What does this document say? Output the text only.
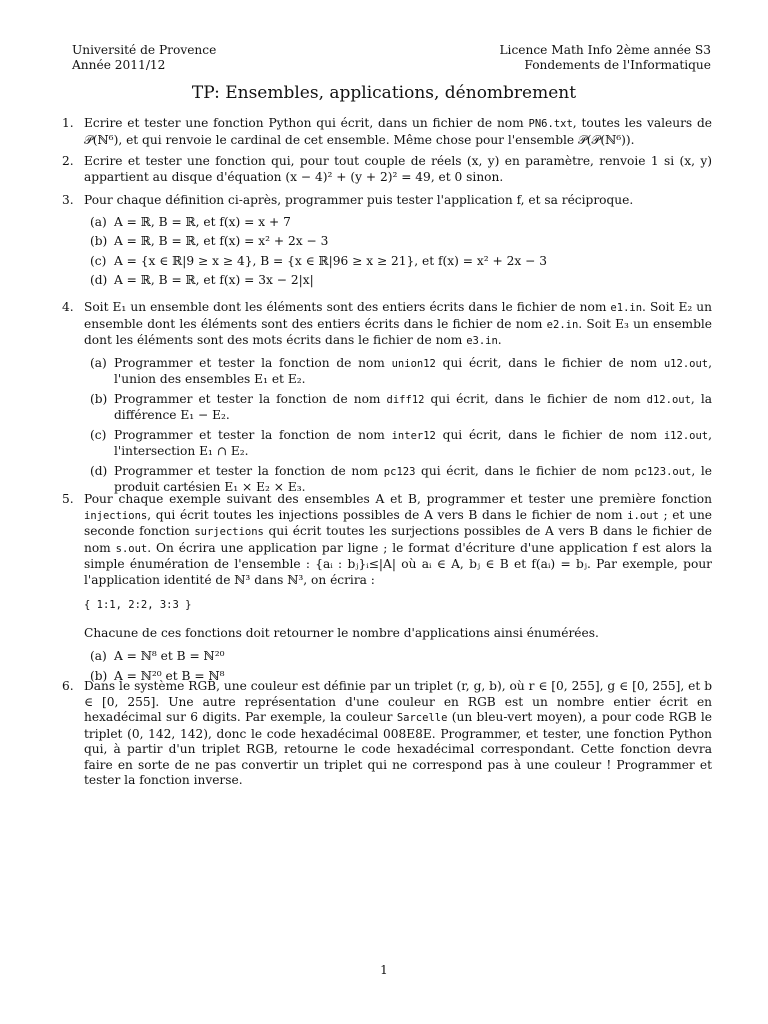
Université de Provence
Année 2011/12
Licence Math Info 2ème année S3
Fondements de l'Informatique
TP: Ensembles, applications, dénombrement
1. Ecrire et tester une fonction Python qui écrit, dans un fichier de nom PN6.txt, toutes les valeurs de 𝒫(ℕ⁶), et qui renvoie le cardinal de cet ensemble. Même chose pour l'ensemble 𝒫(𝒫(ℕ⁶)).
2. Ecrire et tester une fonction qui, pour tout couple de réels (x, y) en paramètre, renvoie 1 si (x, y) appartient au disque d'équation (x − 4)² + (y + 2)² = 49, et 0 sinon.
3. Pour chaque définition ci-après, programmer puis tester l'application f, et sa réciproque.
(a) A = ℝ, B = ℝ, et f(x) = x + 7
(b) A = ℝ, B = ℝ, et f(x) = x² + 2x − 3
(c) A = {x ∈ ℝ|9 ≥ x ≥ 4}, B = {x ∈ ℝ|96 ≥ x ≥ 21}, et f(x) = x² + 2x − 3
(d) A = ℝ, B = ℝ, et f(x) = 3x − 2|x|
4. Soit E₁ un ensemble dont les éléments sont des entiers écrits dans le fichier de nom e1.in. Soit E₂ un ensemble dont les éléments sont des entiers écrits dans le fichier de nom e2.in. Soit E₃ un ensemble dont les éléments sont des mots écrits dans le fichier de nom e3.in.
(a) Programmer et tester la fonction de nom union12 qui écrit, dans le fichier de nom u12.out, l'union des ensembles E₁ et E₂.
(b) Programmer et tester la fonction de nom diff12 qui écrit, dans le fichier de nom d12.out, la différence E₁ − E₂.
(c) Programmer et tester la fonction de nom inter12 qui écrit, dans le fichier de nom i12.out, l'intersection E₁ ∩ E₂.
(d) Programmer et tester la fonction de nom pc123 qui écrit, dans le fichier de nom pc123.out, le produit cartésien E₁ × E₂ × E₃.
5. Pour chaque exemple suivant des ensembles A et B, programmer et tester une première fonction injections, qui écrit toutes les injections possibles de A vers B dans le fichier de nom i.out ; et une seconde fonction surjections qui écrit toutes les surjections possibles de A vers B dans le fichier de nom s.out. On écrira une application par ligne ; le format d'écriture d'une application f est alors la simple énumération de l'ensemble : {aᵢ : bⱼ}ᵢ≤|A| où aᵢ ∈ A, bⱼ ∈ B et f(aᵢ) = bⱼ. Par exemple, pour l'application identité de ℕ³ dans ℕ³, on écrira :
{ 1:1, 2:2, 3:3 }
Chacune de ces fonctions doit retourner le nombre d'applications ainsi énumérées.
(a) A = ℕ⁸ et B = ℕ²⁰
(b) A = ℕ²⁰ et B = ℕ⁸
6. Dans le système RGB, une couleur est définie par un triplet (r, g, b), où r ∈ [0, 255], g ∈ [0, 255], et b ∈ [0, 255]. Une autre représentation d'une couleur en RGB est un nombre entier écrit en hexadécimal sur 6 digits. Par exemple, la couleur Sarcelle (un bleu-vert moyen), a pour code RGB le triplet (0, 142, 142), donc le code hexadécimal 008E8E. Programmer, et tester, une fonction Python qui, à partir d'un triplet RGB, retourne le code hexadécimal correspondant. Cette fonction devra faire en sorte de ne pas convertir un triplet qui ne correspond pas à une couleur ! Programmer et tester la fonction inverse.
1
